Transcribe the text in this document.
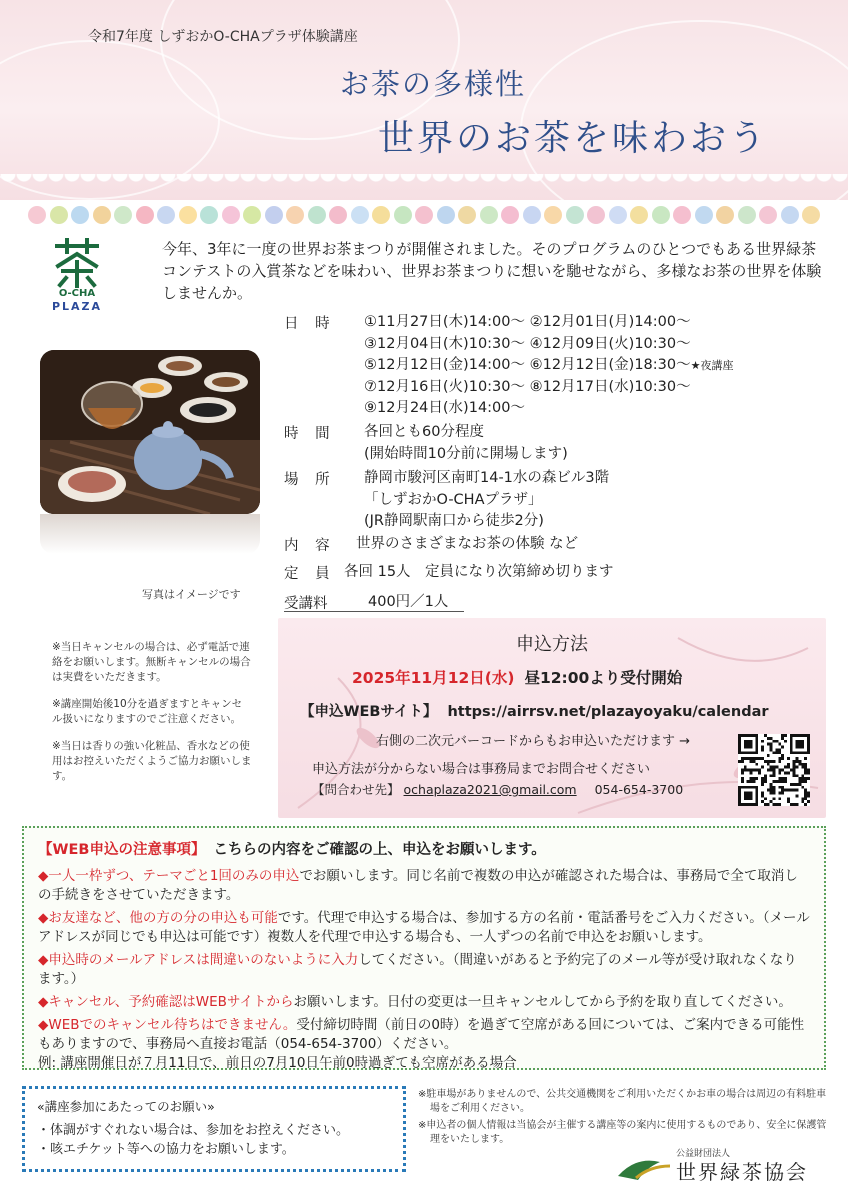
令和7年度 しずおかO-CHAプラザ体験講座
お茶の多様性
世界のお茶を味わおう
O-CHA
PLAZA
今年、3年に一度の世界お茶まつりが開催されました。そのプログラムのひとつでもある世界緑茶コンテストの入賞茶などを味わい、世界お茶まつりに想いを馳せながら、多様なお茶の世界を体験しませんか。
写真はイメージです
日 時	①11月27日(木)14:00～ ②12月01日(月)14:00～
③12月04日(木)10:30～ ④12月09日(火)10:30～
⑤12月12日(金)14:00～ ⑥12月12日(金)18:30～★夜講座
⑦12月16日(火)10:30～ ⑧12月17日(水)10:30～
⑨12月24日(水)14:00～
時 間	各回とも60分程度
(開始時間10分前に開場します)
場 所	静岡市駿河区南町14-1水の森ビル3階
「しずおかO-CHAプラザ」
(JR静岡駅南口から徒歩2分)
内 容	世界のさまざまなお茶の体験 など
定 員 各回 15人　定員になり次第締め切ります
受講料	400円／1人

※当日キャンセルの場合は、必ず電話で連絡をお願いします。無断キャンセルの場合は実費をいただきます。

※講座開始後10分を過ぎますとキャンセル扱いになりますのでご注意ください。

※当日は香りの強い化粧品、香水などの使用はお控えいただくようご協力お願いします。

申込方法
2025年11月12日(水) 昼12:00より受付開始
【申込WEBサイト】 https://airrsv.net/plazayoyaku/calendar
右側の二次元バーコードからもお申込いただけます →
申込方法が分からない場合は事務局までお問合せください
【問合わせ先】 ochaplaza2021@gmail.com 054-654-3700
【WEB申込の注意事項】 こちらの内容をご確認の上、申込をお願いします。
◆一人一枠ずつ、テーマごと1回のみの申込でお願いします。同じ名前で複数の申込が確認された場合は、事務局で全て取消しの手続きをさせていただきます。
◆お友達など、他の方の分の申込も可能です。代理で申込する場合は、参加する方の名前・電話番号をご入力ください。（メールアドレスが同じでも申込は可能です）複数人を代理で申込する場合も、一人ずつの名前で申込をお願いします。
◆申込時のメールアドレスは間違いのないように入力してください。（間違いがあると予約完了のメール等が受け取れなくなります。）
◆キャンセル、予約確認はWEBサイトからお願いします。日付の変更は一旦キャンセルしてから予約を取り直してください。
◆WEBでのキャンセル待ちはできません。受付締切時間（前日の0時）を過ぎて空席がある回については、ご案内できる可能性もありますので、事務局へ直接お電話（054-654-3700）ください。
例: 講座開催日が７月11日で、前日の7月10日午前0時過ぎても空席がある場合
«講座参加にあたってのお願い»
・体調がすぐれない場合は、参加をお控えください。
・咳エチケット等への協力をお願いします。

※駐車場がありませんので、公共交通機関をご利用いただくかお車の場合は周辺の有料駐車場をご利用ください。

※申込者の個人情報は当協会が主催する講座等の案内に使用するものであり、安全に保護管理をいたします。

公益財団法人
世界緑茶協会
